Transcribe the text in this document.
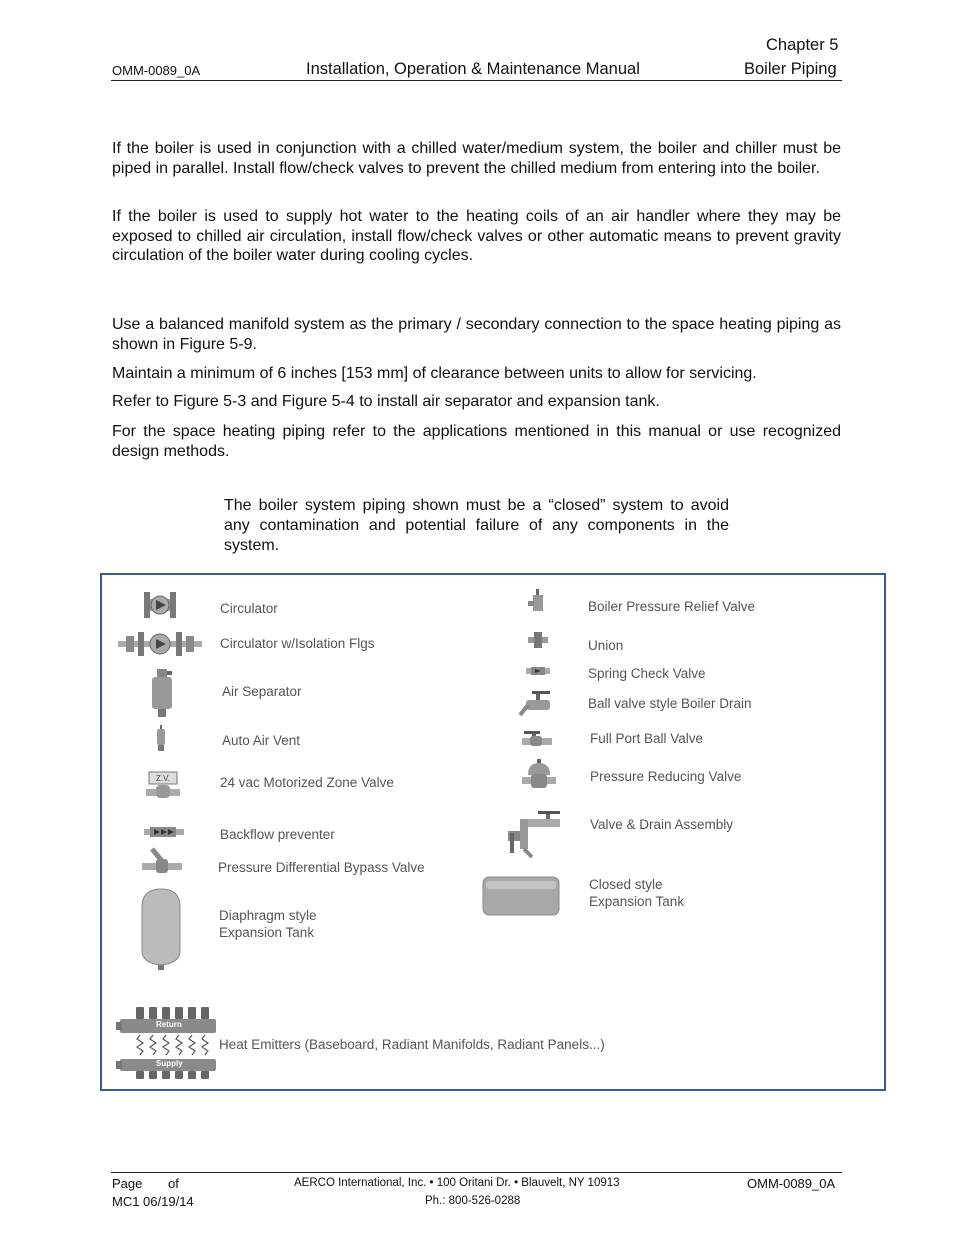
Chapter 5
OMM-0089_0A	Installation, Operation & Maintenance Manual	Boiler Piping

If the boiler is used in conjunction with a chilled water/medium system, the boiler and chiller must be piped in parallel. Install flow/check valves to prevent the chilled medium from entering into the boiler.

If the boiler is used to supply hot water to the heating coils of an air handler where they may be exposed to chilled air circulation, install flow/check valves or other automatic means to prevent gravity circulation of the boiler water during cooling cycles.

Use a balanced manifold system as the primary / secondary connection to the space heating piping as shown in Figure 5-9.

Maintain a minimum of 6 inches [153 mm] of clearance between units to allow for servicing.

Refer to Figure 5-3 and Figure 5-4 to install air separator and expansion tank.

For the space heating piping refer to the applications mentioned in this manual or use recognized design methods.

The boiler system piping shown must be a “closed” system to avoid any contamination and potential failure of any components in the system.

Z.V.
Circulator
Circulator w/Isolation Flgs
Air Separator
Auto Air Vent
24 vac Motorized Zone Valve
Backflow preventer
Pressure Differential Bypass Valve
Diaphragm style
Expansion Tank
Boiler Pressure Relief Valve
Union
Spring Check Valve
Ball valve style Boiler Drain
Full Port Ball Valve
Pressure Reducing Valve
Valve & Drain Assembly
Closed style
Expansion Tank
Return
Supply
Heat Emitters (Baseboard, Radiant Manifolds, Radiant Panels...)
Page of
MC1 06/19/14
AERCO International, Inc. • 100 Oritani Dr. • Blauvelt, NY 10913
Ph.: 800-526-0288
OMM-0089_0A
